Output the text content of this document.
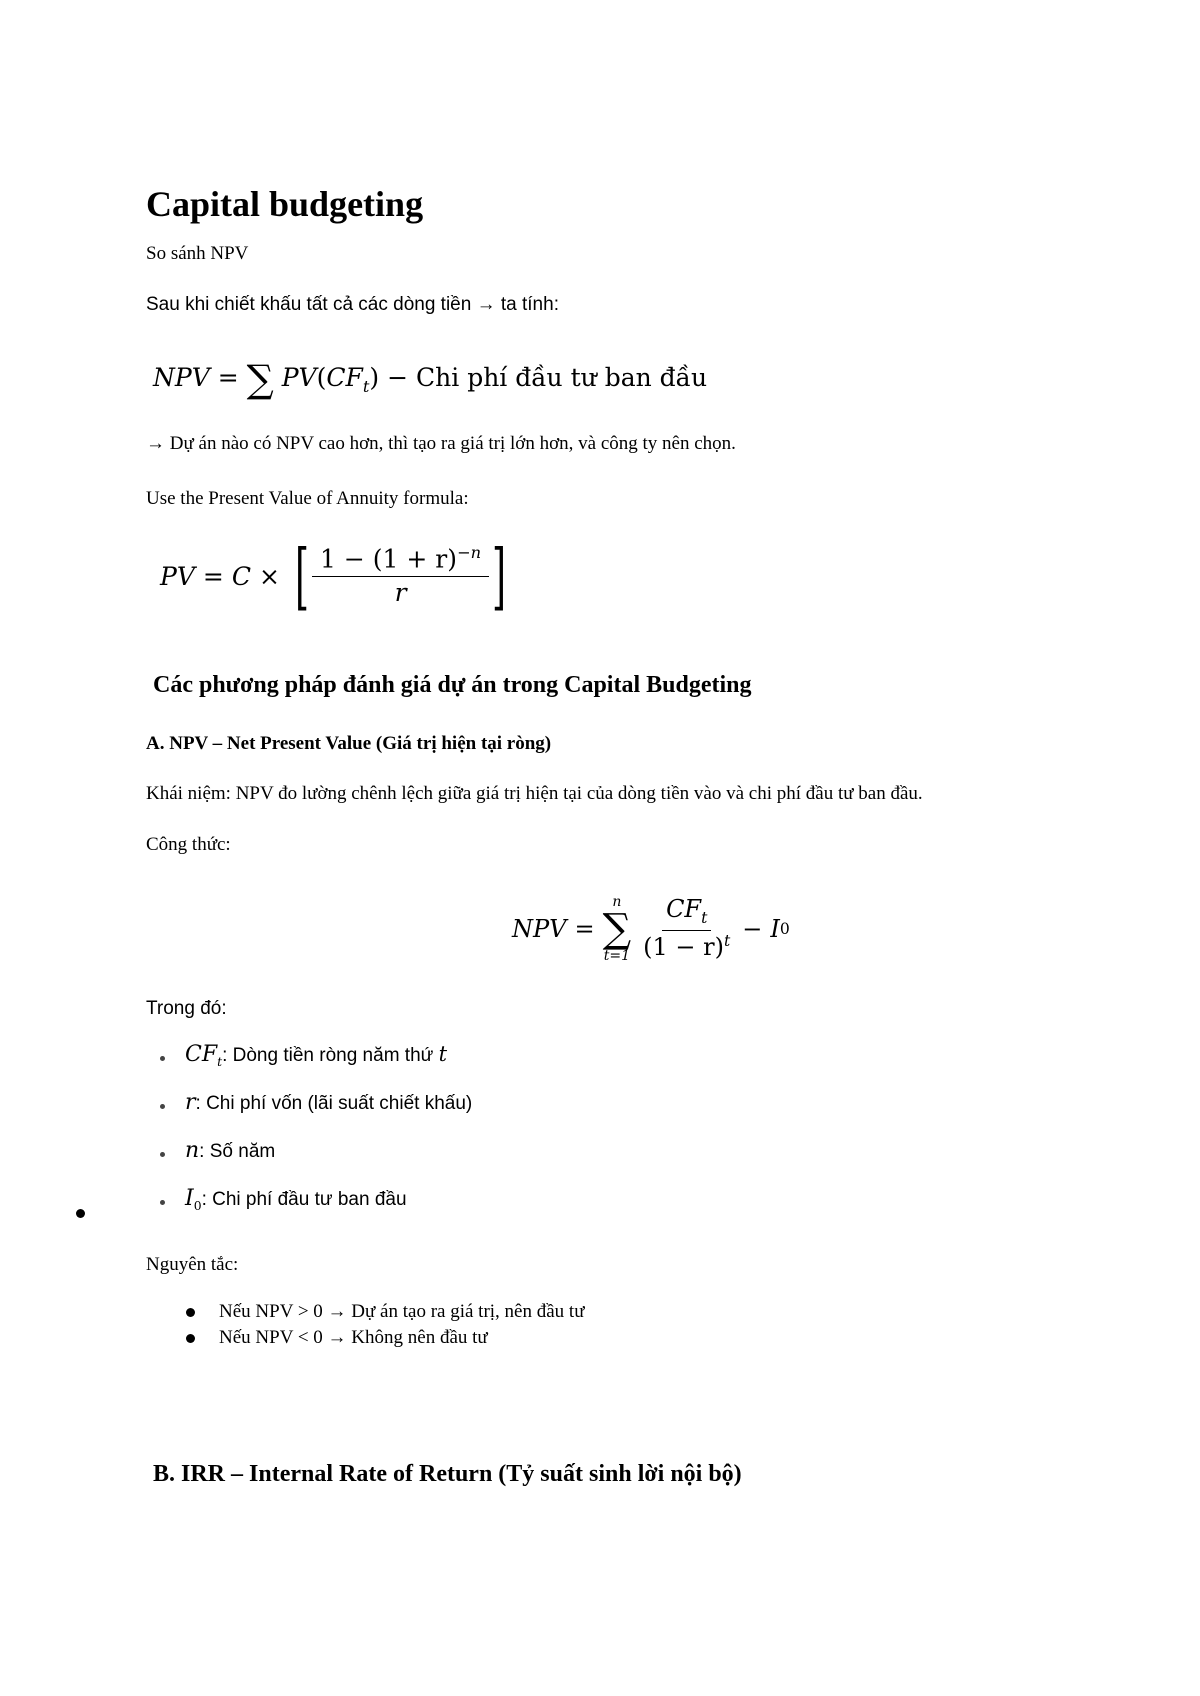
Capital budgeting
So sánh NPV
Sau khi chiết khấu tất cả các dòng tiền → ta tính:
NPV = ∑ $PV(CF_t)$ − Chi phí đầu tư ban đầu
→ Dự án nào có NPV cao hơn, thì tạo ra giá trị lớn hơn, và công ty nên chọn.
Use the Present Value of Annuity formula:
PV = C × [ $\frac{1 - (1 + r)^{-n}}{r}$ ]
Các phương pháp đánh giá dự án trong Capital Budgeting
A. NPV – Net Present Value (Giá trị hiện tại ròng)
Khái niệm: NPV đo lường chênh lệch giữa giá trị hiện tại của dòng tiền vào và chi phí đầu tư ban đầu.
Công thức:
NPV =
n
∑
$t=1 \frac{CF_t}{(1 - r)^t} - I$ 0
Trong đó:
$CF_t$: Dòng tiền ròng năm thứ t
r: Chi phí vốn (lãi suất chiết khấu)
n: Số năm
$I_0$: Chi phí đầu tư ban đầu
Nguyên tắc:
Nếu NPV > 0 → Dự án tạo ra giá trị, nên đầu tư
Nếu NPV < 0 → Không nên đầu tư
B. IRR – Internal Rate of Return (Tỷ suất sinh lời nội bộ)
